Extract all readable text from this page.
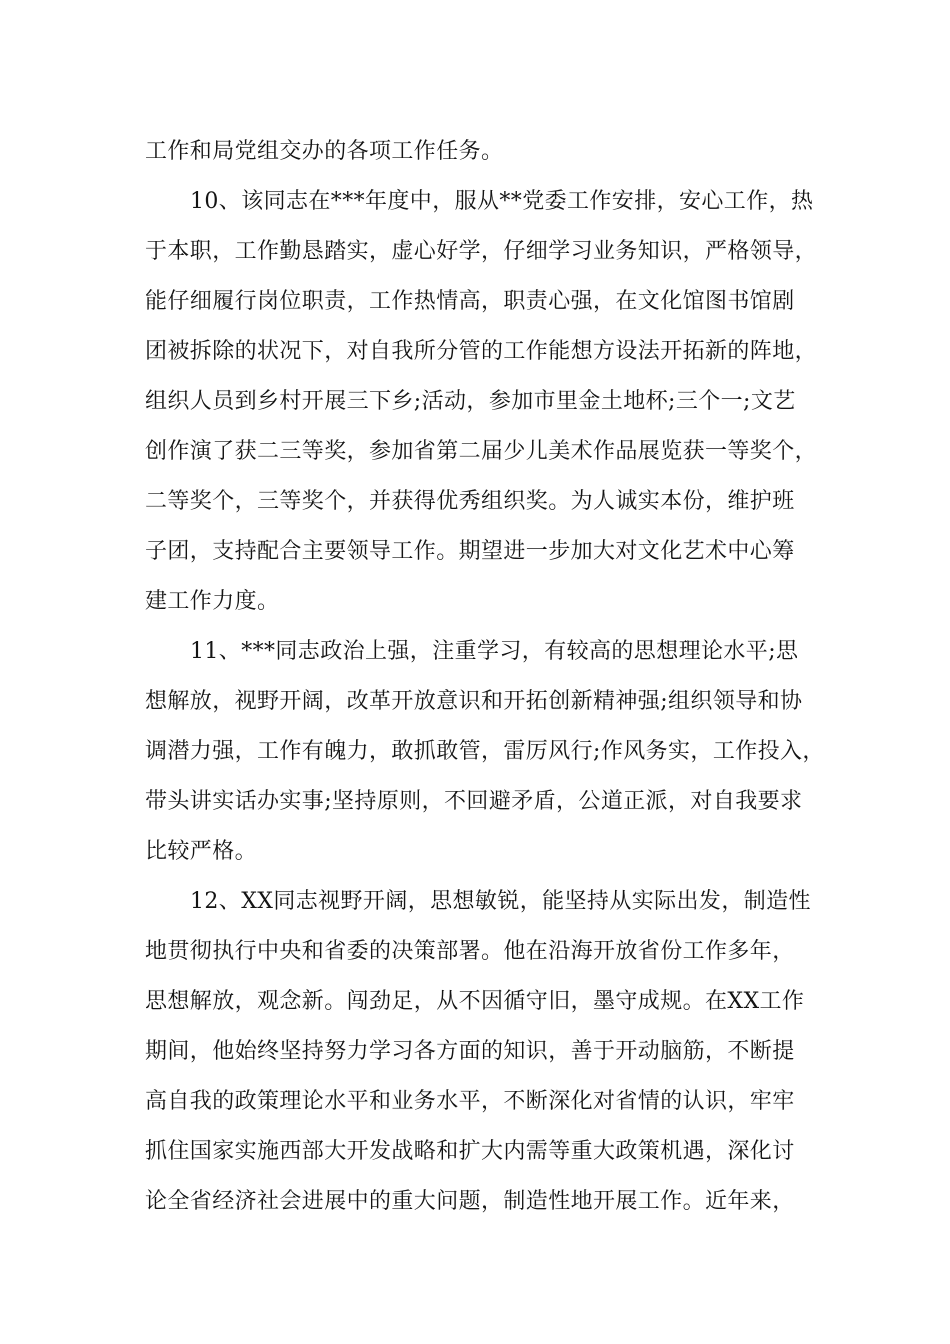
工作和局党组交办的各项工作任务。
10、该同志在***年度中，服从**党委工作安排，安心工作，热
于本职，工作勤恳踏实，虚心好学，仔细学习业务知识，严格领导，
能仔细履行岗位职责，工作热情高，职责心强，在文化馆图书馆剧
团被拆除的状况下，对自我所分管的工作能想方设法开拓新的阵地，
组织人员到乡村开展三下乡;活动，参加市里金土地杯;三个一;文艺
创作演了获二三等奖，参加省第二届少儿美术作品展览获一等奖个，
二等奖个，三等奖个，并获得优秀组织奖。为人诚实本份，维护班
子团，支持配合主要领导工作。期望进一步加大对文化艺术中心筹
建工作力度。
11、***同志政治上强，注重学习，有较高的思想理论水平;思
想解放，视野开阔，改革开放意识和开拓创新精神强;组织领导和协
调潜力强，工作有魄力，敢抓敢管，雷厉风行;作风务实，工作投入，
带头讲实话办实事;坚持原则，不回避矛盾，公道正派，对自我要求
比较严格。
12、XX同志视野开阔，思想敏锐，能坚持从实际出发，制造性
地贯彻执行中央和省委的决策部署。他在沿海开放省份工作多年，
思想解放，观念新。闯劲足，从不因循守旧，墨守成规。在XX工作
期间，他始终坚持努力学习各方面的知识，善于开动脑筋，不断提
高自我的政策理论水平和业务水平，不断深化对省情的认识，牢牢
抓住国家实施西部大开发战略和扩大内需等重大政策机遇，深化讨
论全省经济社会进展中的重大问题，制造性地开展工作。近年来，
